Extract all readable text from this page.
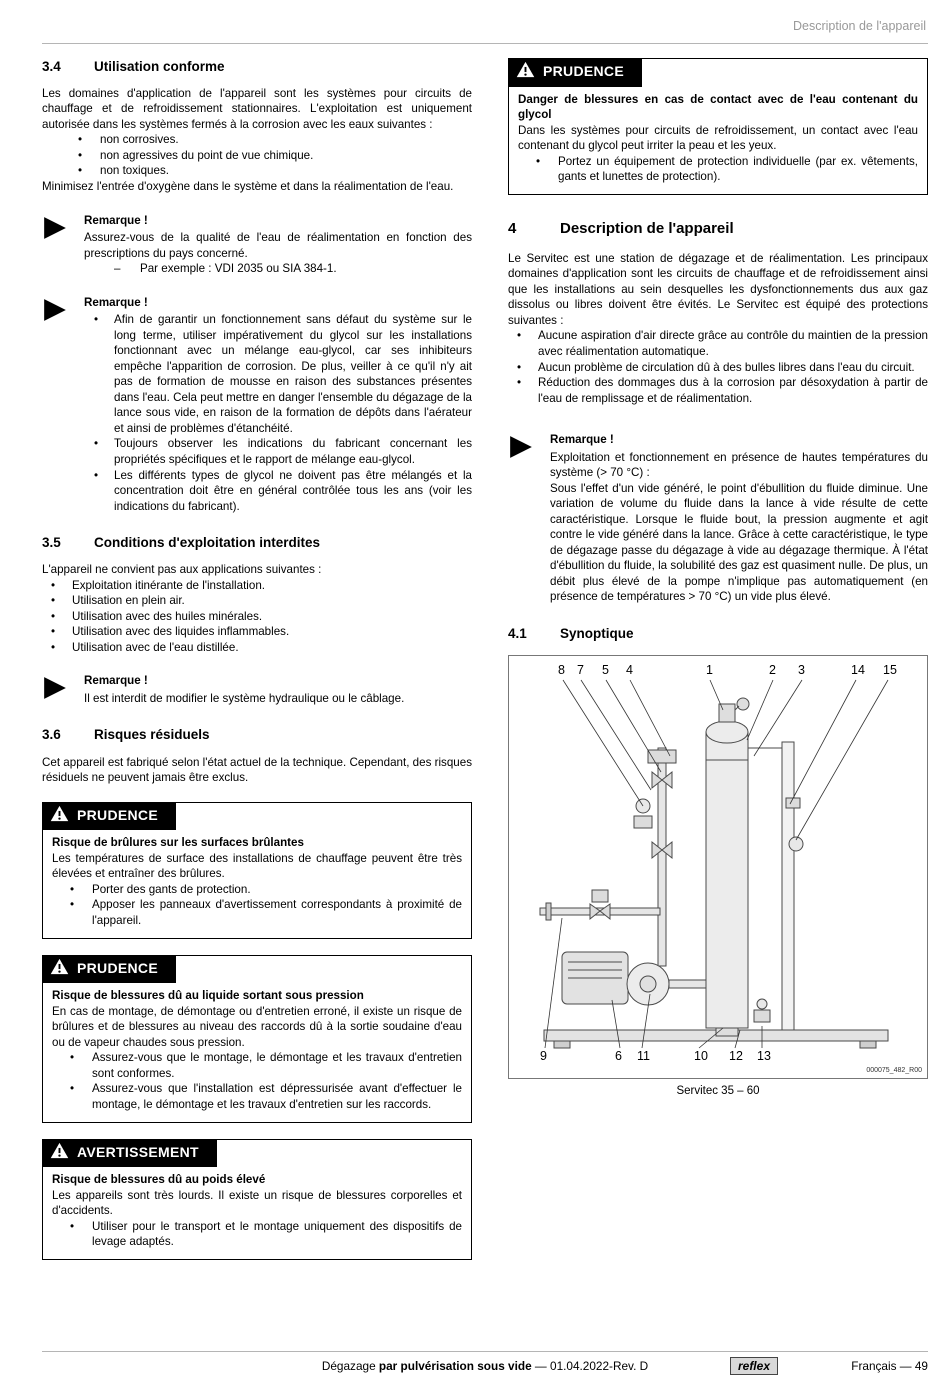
Description de l'appareil
3.4	Utilisation conforme

Les domaines d'application de l'appareil sont les systèmes pour circuits de chauffage et de refroidissement stationnaires. L'exploitation est uniquement autorisée dans les systèmes fermés à la corrosion avec les eaux suivantes :

• non corrosives.
• non agressives du point de vue chimique.
• non toxiques.

Minimisez l'entrée d'oxygène dans le système et dans la réalimentation de l'eau.

Remarque !

Assurez-vous de la qualité de l'eau de réalimentation en fonction des prescriptions du pays concerné.

–	Par exemple : VDI 2035 ou SIA 384-1.

Remarque !

• Afin de garantir un fonctionnement sans défaut du système sur le long terme, utiliser impérativement du glycol sur les installations fonctionnant avec un mélange eau-glycol, car ses inhibiteurs empêche l'apparition de corrosion. De plus, veiller à ce qu'il n'y ait pas de formation de mousse en raison des substances présentes dans l'eau. Cela peut mettre en danger l'ensemble du dégazage de la lance sous vide, en raison de la formation de dépôts dans l'aérateur et ainsi de problèmes d'étanchéité.
• Toujours observer les indications du fabricant concernant les propriétés spécifiques et le rapport de mélange eau-glycol.
• Les différents types de glycol ne doivent pas être mélangés et la concentration doit être en général contrôlée tous les ans (voir les indications du fabricant).
3.5	Conditions d'exploitation interdites

L'appareil ne convient pas aux applications suivantes :

• Exploitation itinérante de l'installation.
• Utilisation en plein air.
• Utilisation avec des huiles minérales.
• Utilisation avec des liquides inflammables.
• Utilisation avec de l'eau distillée.

Remarque !

Il est interdit de modifier le système hydraulique ou le câblage.

3.6	Risques résiduels

Cet appareil est fabriqué selon l'état actuel de la technique. Cependant, des risques résiduels ne peuvent jamais être exclus.

PRUDENCE

Risque de brûlures sur les surfaces brûlantes

Les températures de surface des installations de chauffage peuvent être très élevées et entraîner des brûlures.

• Porter des gants de protection.
• Apposer les panneaux d'avertissement correspondants à proximité de l'appareil.
PRUDENCE

Risque de blessures dû au liquide sortant sous pression

En cas de montage, de démontage ou d'entretien erroné, il existe un risque de brûlures et de blessures au niveau des raccords dû à la sortie soudaine d'eau ou de vapeur chaudes sous pression.

• Assurez-vous que le montage, le démontage et les travaux d'entretien sont conformes.
• Assurez-vous que l'installation est dépressurisée avant d'effectuer le montage, le démontage et les travaux d'entretien sur les raccords.
AVERTISSEMENT

Risque de blessures dû au poids élevé

Les appareils sont très lourds. Il existe un risque de blessures corporelles et d'accidents.

• Utiliser pour le transport et le montage uniquement des dispositifs de levage adaptés.
PRUDENCE

Danger de blessures en cas de contact avec de l'eau contenant du glycol

Dans les systèmes pour circuits de refroidissement, un contact avec l'eau contenant du glycol peut irriter la peau et les yeux.

• Portez un équipement de protection individuelle (par ex. vêtements, gants et lunettes de protection).
4	Description de l'appareil

Le Servitec est une station de dégazage et de réalimentation. Les principaux domaines d'application sont les circuits de chauffage et de refroidissement ainsi que les installations au sein desquelles les dysfonctionnements dus aux gaz dissolus ou libres doivent être évités. Le Servitec est équipé des protections suivantes :

• Aucune aspiration d'air directe grâce au contrôle du maintien de la pression avec réalimentation automatique.
• Aucun problème de circulation dû à des bulles libres dans l'eau du circuit.
• Réduction des dommages dus à la corrosion par désoxydation à partir de l'eau de remplissage et de réalimentation.

Remarque !

Exploitation et fonctionnement en présence de hautes températures du système (> 70 °C) :

Sous l'effet d'un vide généré, le point d'ébullition du fluide diminue. Une variation de volume du fluide dans la lance à vide résulte de cette caractéristique. Lorsque le fluide bout, la pression augmente et agit contre le vide généré dans la lance. Grâce à cette caractéristique, le type de dégazage passe du dégazage à vide au dégazage thermique. À l'état d'ébullition du fluide, la solubilité des gaz est quasiment nulle. De plus, un débit plus élevé de la pompe n'implique pas automatiquement (en présence de températures > 70 °C) un vide plus élevé.

4.1	Synoptique
8 7 5 4	1	2 3	14 15
9	6 11	10 12 13
000075_482_R00
Servitec 35 – 60
Dégazage par pulvérisation sous vide — 01.04.2022-Rev. D	reflex	Français — 49
